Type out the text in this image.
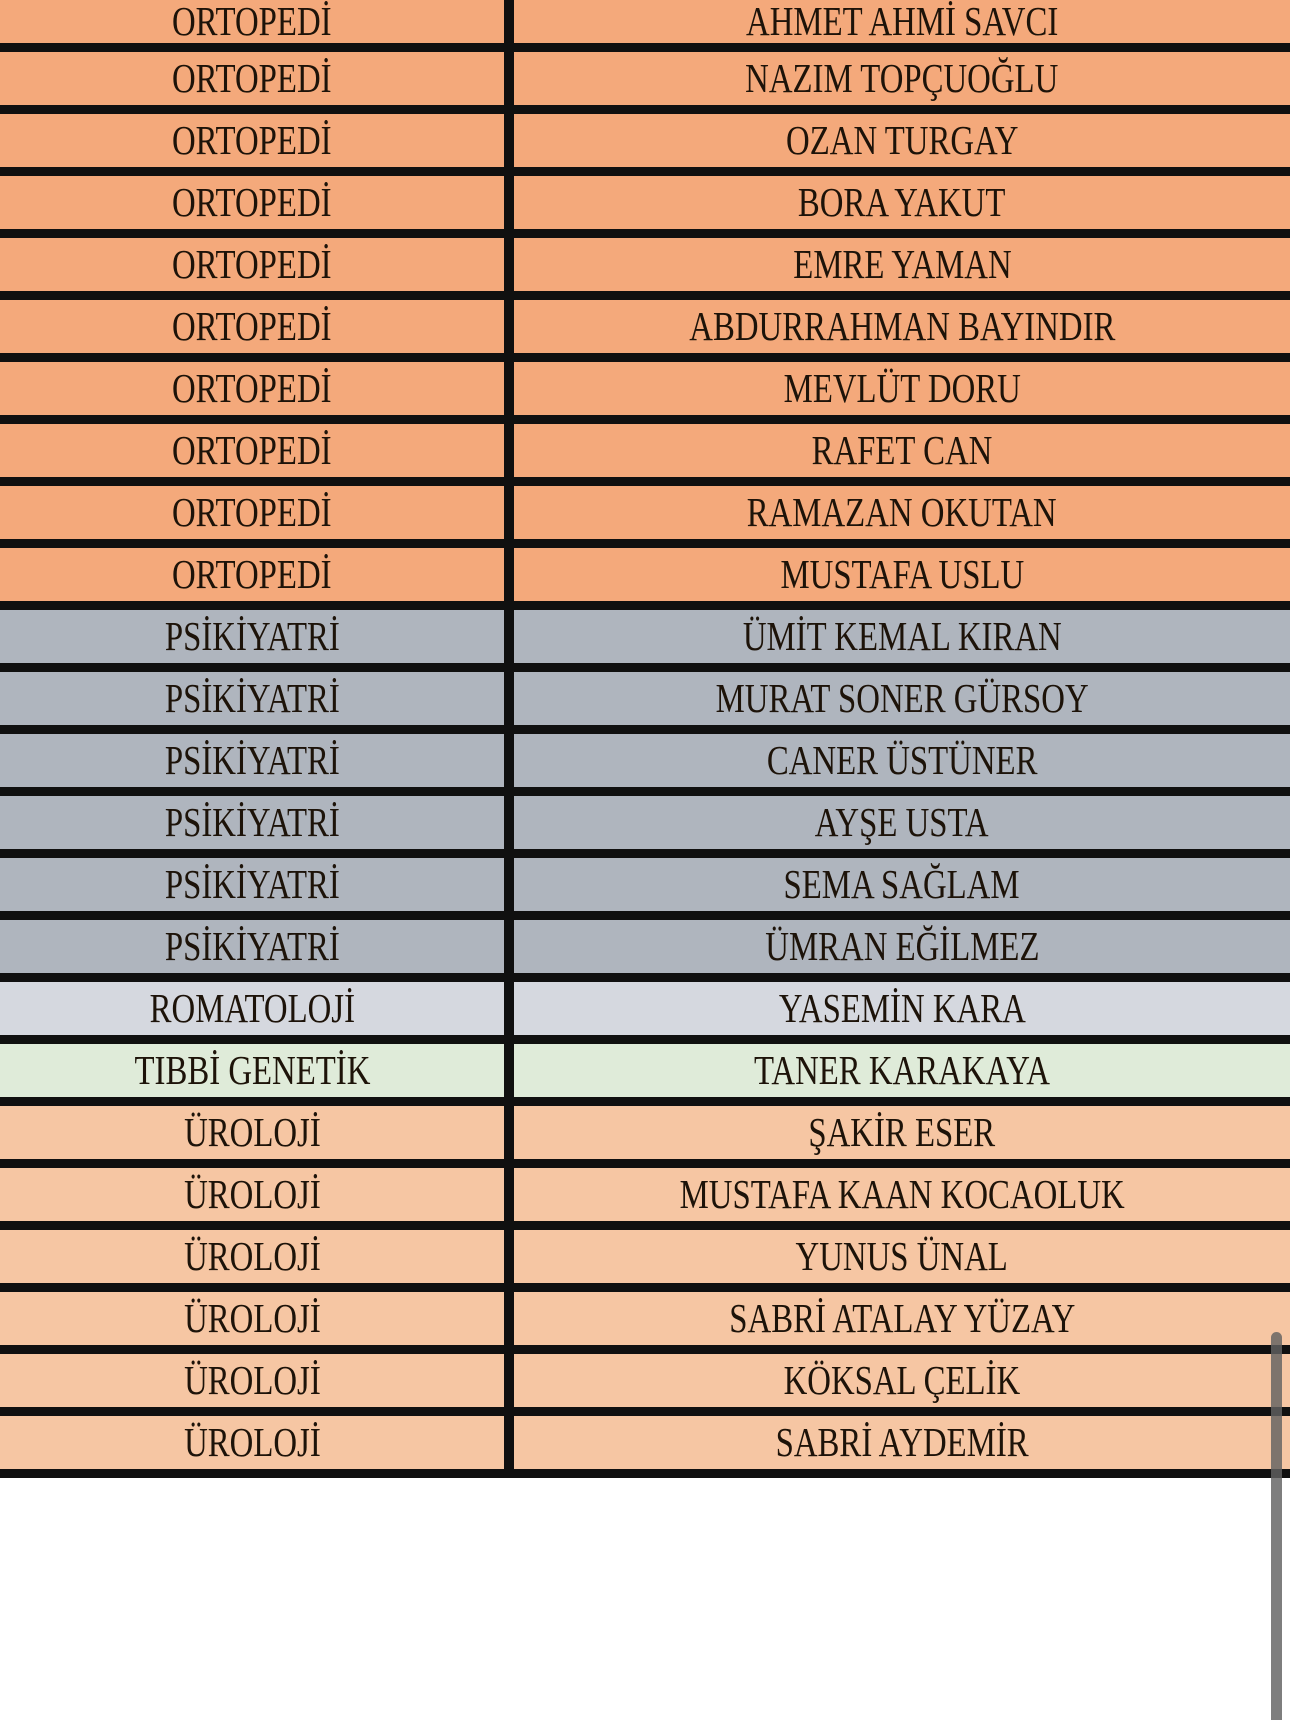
ORTOPEDİ	AHMET AHMİ SAVCI
ORTOPEDİ	NAZIM TOPÇUOĞLU
ORTOPEDİ	OZAN TURGAY
ORTOPEDİ	BORA YAKUT
ORTOPEDİ	EMRE YAMAN
ORTOPEDİ	ABDURRAHMAN BAYINDIR
ORTOPEDİ	MEVLÜT DORU
ORTOPEDİ	RAFET CAN
ORTOPEDİ	RAMAZAN OKUTAN
ORTOPEDİ	MUSTAFA USLU
PSİKİYATRİ	ÜMİT KEMAL KIRAN
PSİKİYATRİ	MURAT SONER GÜRSOY
PSİKİYATRİ	CANER ÜSTÜNER
PSİKİYATRİ	AYŞE USTA
PSİKİYATRİ	SEMA SAĞLAM
PSİKİYATRİ	ÜMRAN EĞİLMEZ
ROMATOLOJİ	YASEMİN KARA
TIBBİ GENETİK	TANER KARAKAYA
ÜROLOJİ	ŞAKİR ESER
ÜROLOJİ	MUSTAFA KAAN KOCAOLUK
ÜROLOJİ	YUNUS ÜNAL
ÜROLOJİ	SABRİ ATALAY YÜZAY
ÜROLOJİ	KÖKSAL ÇELİK
ÜROLOJİ	SABRİ AYDEMİR
